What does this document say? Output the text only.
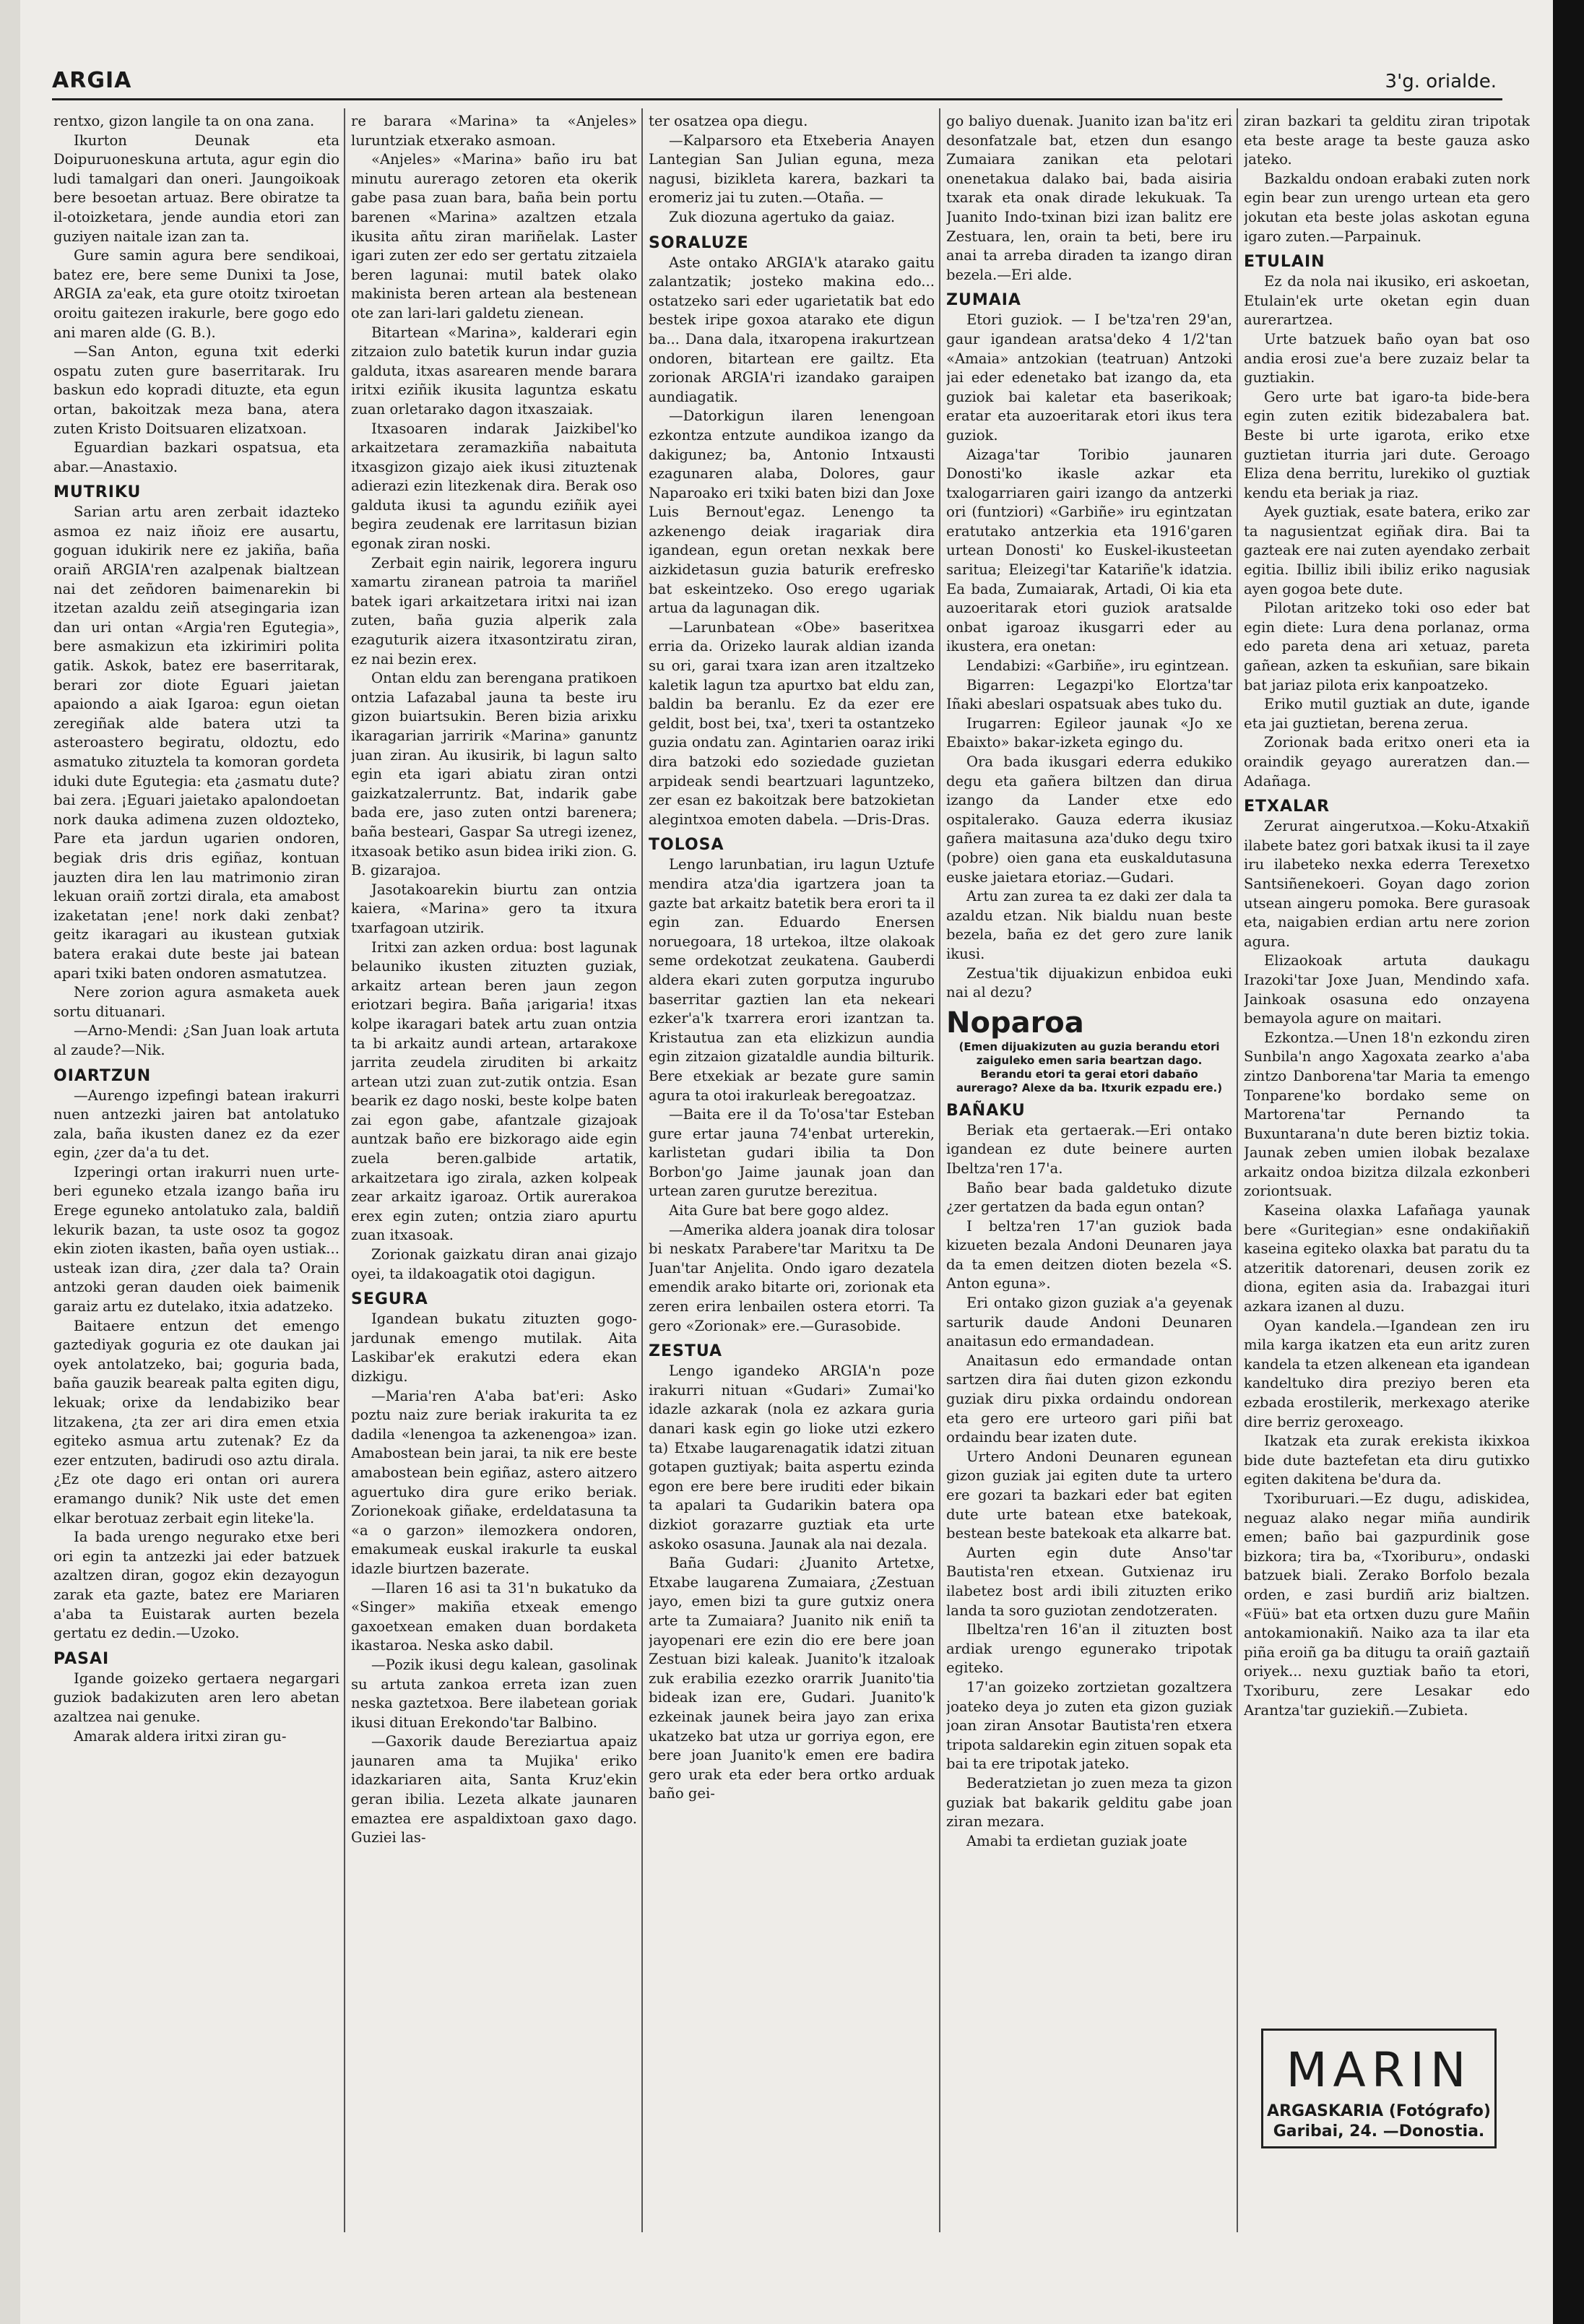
ARGIA	3'g. orialde.

rentxo, gizon langile ta on ona zana.

Ikurton Deunak eta Doipuruoneskuna artuta, agur egin dio ludi tamalgari dan oneri. Jaungoikoak bere besoetan artuaz. Bere obiratze ta il-otoizketara, jende aundia etori zan guziyen naitale izan zan ta.

Gure samin agura bere sendikoai, batez ere, bere seme Dunixi ta Jose, ARGIA za'eak, eta gure otoitz txiroetan oroitu gaitezen irakurle, bere gogo edo ani maren alde (G. B.).

—San Anton, eguna txit ederki ospatu zuten gure baserritarak. Iru baskun edo kopradi dituzte, eta egun ortan, bakoitzak meza bana, atera zuten Kristo Doitsuaren elizatxoan.

Eguardian bazkari ospatsua, eta abar.—Anastaxio.

MUTRIKU

Sarian artu aren zerbait idazteko asmoa ez naiz iñoiz ere ausartu, goguan idukirik nere ez jakiña, baña oraiñ ARGIA'ren azalpenak bialtzean nai det zeñdoren baimenarekin bi itzetan azaldu zeiñ atsegingaria izan dan uri ontan «Argia'ren Egutegia», bere asmakizun eta izkirimiri polita gatik. Askok, batez ere baserritarak, berari zor diote Eguari jaietan apaiondo a aiak Igaroa: egun oietan zeregiñak alde batera utzi ta asteroastero begiratu, oldoztu, edo asmatuko zituztela ta komoran gordeta iduki dute Egutegia: eta ¿asmatu dute? bai zera. ¡Eguari jaietako apalondoetan nork dauka adimena zuzen oldozteko, Pare eta jardun ugarien ondoren, begiak dris dris egiñaz, kontuan jauzten dira len lau matrimonio ziran lekuan oraiñ zortzi dirala, eta amabost izaketatan ¡ene! nork daki zenbat? geitz ikaragari au ikustean gutxiak batera erakai dute beste jai batean apari txiki baten ondoren asmatutzea.

Nere zorion agura asmaketa auek sortu dituanari.

—Arno-Mendi: ¿San Juan loak artuta al zaude?—Nik.

OIARTZUN

—Aurengo izpefingi batean irakurri nuen antzezki jairen bat antolatuko zala, baña ikusten danez ez da ezer egin, ¿zer da'a tu det.

Izperingi ortan irakurri nuen urte-beri eguneko etzala izango baña iru Erege eguneko antolatuko zala, baldiñ lekurik bazan, ta uste osoz ta gogoz ekin zioten ikasten, baña oyen ustiak... usteak izan dira, ¿zer dala ta? Orain antzoki geran dauden oiek baimenik garaiz artu ez dutelako, itxia adatzeko.

Baitaere entzun det emengo gaztediyak goguria ez ote daukan jai oyek antolatzeko, bai; goguria bada, baña gauzik beareak palta egiten digu, lekuak; orixe da lendabiziko bear litzakena, ¿ta zer ari dira emen etxia egiteko asmua artu zutenak? Ez da ezer entzuten, badirudi oso aztu dirala. ¿Ez ote dago eri ontan ori aurera eramango dunik? Nik uste det emen elkar berotuaz zerbait egin liteke'la.

Ia bada urengo negurako etxe beri ori egin ta antzezki jai eder batzuek azaltzen diran, gogoz ekin dezayogun zarak eta gazte, batez ere Mariaren a'aba ta Euistarak aurten bezela gertatu ez dedin.—Uzoko.

PASAI

Igande goizeko gertaera negargari guziok badakizuten aren lero abetan azaltzea nai genuke.

Amarak aldera iritxi ziran gu-

re barara «Marina» ta «Anjeles» luruntziak etxerako asmoan.

«Anjeles» «Marina» baño iru bat minutu aurerago zetoren eta okerik gabe pasa zuan bara, baña bein portu barenen «Marina» azaltzen etzala ikusita añtu ziran mariñelak. Laster igari zuten zer edo ser gertatu zitzaiela beren lagunai: mutil batek olako makinista beren artean ala bestenean ote zan lari-lari galdetu zienean.

Bitartean «Marina», kalderari egin zitzaion zulo batetik kurun indar guzia galduta, itxas asarearen mende barara iritxi eziñik ikusita laguntza eskatu zuan orletarako dagon itxaszaiak.

Itxasoaren indarak Jaizkibel'ko arkaitzetara zeramazkiña nabaituta itxasgizon gizajo aiek ikusi zituztenak adierazi ezin litezkenak dira. Berak oso galduta ikusi ta agundu eziñik ayei begira zeudenak ere larritasun bizian egonak ziran noski.

Zerbait egin nairik, legorera inguru xamartu ziranean patroia ta mariñel batek igari arkaitzetara iritxi nai izan zuten, baña guzia alperik zala ezaguturik aizera itxasontziratu ziran, ez nai bezin erex.

Ontan eldu zan berengana pratikoen ontzia Lafazabal jauna ta beste iru gizon buiartsukin. Beren bizia arixku ikaragarian jarririk «Marina» ganuntz juan ziran. Au ikusirik, bi lagun salto egin eta igari abiatu ziran ontzi gaizkatzalerruntz. Bat, indarik gabe bada ere, jaso zuten ontzi barenera; baña besteari, Gaspar Sa utregi izenez, itxasoak betiko asun bidea iriki zion. G. B. gizarajoa.

Jasotakoarekin biurtu zan ontzia kaiera, «Marina» gero ta itxura txarfagoan utzirik.

Iritxi zan azken ordua: bost lagunak belauniko ikusten zituzten guziak, arkaitz artean beren jaun zegon eriotzari begira. Baña ¡arigaria! itxas kolpe ikaragari batek artu zuan ontzia ta bi arkaitz aundi artean, artarakoxe jarrita zeudela ziruditen bi arkaitz artean utzi zuan zut-zutik ontzia. Esan bearik ez dago noski, beste kolpe baten zai egon gabe, afantzale gizajoak auntzak baño ere bizkorago aide egin zuela beren.galbide artatik, arkaitzetara igo zirala, azken kolpeak zear arkaitz igaroaz. Ortik aurerakoa erex egin zuten; ontzia ziaro apurtu zuan itxasoak.

Zorionak gaizkatu diran anai gizajo oyei, ta ildakoagatik otoi dagigun.

SEGURA

Igandean bukatu zituzten gogo-jardunak emengo mutilak. Aita Laskibar'ek erakutzi edera ekan dizkigu.

—Maria'ren A'aba bat'eri: Asko poztu naiz zure beriak irakurita ta ez dadila «lenengoa ta azkenengoa» izan. Amabostean bein jarai, ta nik ere beste amabostean bein egiñaz, astero aitzero aguertuko dira gure eriko beriak. Zorionekoak giñake, erdeldatasuna ta «a o garzon» ilemozkera ondoren, emakumeak euskal irakurle ta euskal idazle biurtzen bazerate.

—Ilaren 16 asi ta 31'n bukatuko da «Singer» makiña etxeak emengo gaxoetxean emaken duan bordaketa ikastaroa. Neska asko dabil.

—Pozik ikusi degu kalean, gasolinak su artuta zankoa erreta izan zuen neska gaztetxoa. Bere ilabetean goriak ikusi dituan Erekondo'tar Balbino.

—Gaxorik daude Bereziartua apaiz jaunaren ama ta Mujika' eriko idazkariaren aita, Santa Kruz'ekin geran ibilia. Lezeta alkate jaunaren emaztea ere aspaldixtoan gaxo dago. Guziei las-

ter osatzea opa diegu.

—Kalparsoro eta Etxeberia Anayen Lantegian San Julian eguna, meza nagusi, bizikleta karera, bazkari ta eromeriz jai tu zuten.—Otaña. —

Zuk diozuna agertuko da gaiaz.

SORALUZE

Aste ontako ARGIA'k atarako gaitu zalantzatik; josteko makina edo... ostatzeko sari eder ugarietatik bat edo bestek iripe goxoa atarako ete digun ba... Dana dala, itxaropena irakurtzean ondoren, bitartean ere gailtz. Eta zorionak ARGIA'ri izandako garaipen aundiagatik.

—Datorkigun ilaren lenengoan ezkontza entzute aundikoa izango da dakigunez; ba, Antonio Intxausti ezagunaren alaba, Dolores, gaur Naparoako eri txiki baten bizi dan Joxe Luis Bernout'egaz. Lenengo ta azkenengo deiak iragariak dira igandean, egun oretan nexkak bere aizkidetasun guzia baturik erefresko bat eskeintzeko. Oso erego ugariak artua da lagunagan dik.

—Larunbatean «Obe» baseritxea erria da. Orizeko laurak aldian izanda su ori, garai txara izan aren itzaltzeko kaletik lagun tza apurtxo bat eldu zan, baldin ba beranlu. Ez da ezer ere geldit, bost bei, txa', txeri ta ostantzeko guzia ondatu zan. Agintarien oaraz iriki dira batzoki edo soziedade guzietan arpideak sendi beartzuari laguntzeko, zer esan ez bakoitzak bere batzokietan alegintxoa emoten dabela. —Dris-Dras.

TOLOSA

Lengo larunbatian, iru lagun Uztufe mendira atza'dia igartzera joan ta gazte bat arkaitz batetik bera erori ta il egin zan. Eduardo Enersen noruegoara, 18 urtekoa, iltze olakoak seme ordekotzat zeukatena. Gauberdi aldera ekari zuten gorputza ingurubo baserritar gaztien lan eta nekeari ezker'a'k txarrera erori izantzan ta. Kristautua zan eta elizkizun aundia egin zitzaion gizataldle aundia bilturik. Bere etxekiak ar bezate gure samin agura ta otoi irakurleak beregoatzaz.

—Baita ere il da To'osa'tar Esteban gure ertar jauna 74'enbat urterekin, karlistetan gudari ibilia ta Don Borbon'go Jaime jaunak joan dan urtean zaren gurutze berezitua.

Aita Gure bat bere gogo aldez.

—Amerika aldera joanak dira tolosar bi neskatx Parabere'tar Maritxu ta De Juan'tar Anjelita. Ondo igaro dezatela emendik arako bitarte ori, zorionak eta zeren erira lenbailen ostera etorri. Ta gero «Zorionak» ere.—Gurasobide.

ZESTUA

Lengo igandeko ARGIA'n poze irakurri nituan «Gudari» Zumai'ko idazle azkarak (nola ez azkara guria danari kask egin go lioke utzi ezkero ta) Etxabe laugarenagatik idatzi zituan gotapen guztiyak; baita aspertu ezinda egon ere bere bere iruditi eder bikain ta apalari ta Gudarikin batera opa dizkiot gorazarre guztiak eta urte askoko osasuna. Jaunak ala nai dezala.

Baña Gudari: ¿Juanito Artetxe, Etxabe laugarena Zumaiara, ¿Zestuan jayo, emen bizi ta gure gutxiz onera arte ta Zumaiara? Juanito nik eniñ ta jayopenari ere ezin dio ere bere joan Zestuan bizi kaleak. Juanito'k itzaloak zuk erabilia ezezko orarrik Juanito'tia bideak izan ere, Gudari. Juanito'k ezkeinak jaunek beira jayo zan erixa ukatzeko bat utza ur gorriya egon, ere bere joan Juanito'k emen ere badira gero urak eta eder bera ortko arduak baño gei-

go baliyo duenak. Juanito izan ba'itz eri desonfatzale bat, etzen dun esango Zumaiara zanikan eta pelotari onenetakua dalako bai, bada aisiria txarak eta onak dirade lekukuak. Ta Juanito Indo-txinan bizi izan balitz ere Zestuara, len, orain ta beti, bere iru anai ta arreba diraden ta izango diran bezela.—Eri alde.

ZUMAIA

Etori guziok. — I be'tza'ren 29'an, gaur igandean aratsa'deko 4 1/2'tan «Amaia» antzokian (teatruan) Antzoki jai eder edenetako bat izango da, eta guziok bai kaletar eta baserikoak; eratar eta auzoeritarak etori ikus tera guziok.

Aizaga'tar Toribio jaunaren Donosti'ko ikasle azkar eta txalogarriaren gairi izango da antzerki ori (funtziori) «Garbiñe» iru egintzatan eratutako antzerkia eta 1916'garen urtean Donosti' ko Euskel-ikusteetan saritua; Eleizegi'tar Katariñe'k idatzia. Ea bada, Zumaiarak, Artadi, Oi kia eta auzoeritarak etori guziok aratsalde onbat igaroaz ikusgarri eder au ikustera, era onetan:

Lendabizi: «Garbiñe», iru egintzean.

Bigarren: Legazpi'ko Elortza'tar Iñaki abeslari ospatsuak abes tuko du.

Irugarren: Egileor jaunak «Jo xe Ebaixto» bakar-izketa egingo du.

Ora bada ikusgari ederra edukiko degu eta gañera biltzen dan dirua izango da Lander etxe edo ospitalerako. Gauza ederra ikusiaz gañera maitasuna aza'duko degu txiro (pobre) oien gana eta euskaldutasuna euske jaietara etoriaz.—Gudari.

Artu zan zurea ta ez daki zer dala ta azaldu etzan. Nik bialdu nuan beste bezela, baña ez det gero zure lanik ikusi.

Zestua'tik dijuakizun enbidoa euki nai al dezu?

Noparoa
(Emen dijuakizuten au guzia berandu etori zaiguleko emen saria beartzan dago. Berandu etori ta gerai etori dabaño aurerago? Alexe da ba. Itxurik ezpadu ere.)
BAÑAKU

Beriak eta gertaerak.—Eri ontako igandean ez dute beinere aurten Ibeltza'ren 17'a.

Baño bear bada galdetuko dizute ¿zer gertatzen da bada egun ontan?

I beltza'ren 17'an guziok bada kizueten bezala Andoni Deunaren jaya da ta emen deitzen dioten bezela «S. Anton eguna».

Eri ontako gizon guziak a'a geyenak sarturik daude Andoni Deunaren anaitasun edo ermandadean.

Anaitasun edo ermandade ontan sartzen dira ñai duten gizon ezkondu guziak diru pixka ordaindu ondorean eta gero ere urteoro gari piñi bat ordaindu bear izaten dute.

Urtero Andoni Deunaren egunean gizon guziak jai egiten dute ta urtero ere gozari ta bazkari eder bat egiten dute urte batean etxe batekoak, bestean beste batekoak eta alkarre bat.

Aurten egin dute Anso'tar Bautista'ren etxean. Gutxienaz iru ilabetez bost ardi ibili zituzten eriko landa ta soro guziotan zendotzeraten.

Ilbeltza'ren 16'an il zituzten bost ardiak urengo egunerako tripotak egiteko.

17'an goizeko zortzietan gozaltzera joateko deya jo zuten eta gizon guziak joan ziran Ansotar Bautista'ren etxera tripota saldarekin egin zituen sopak eta bai ta ere tripotak jateko.

Bederatzietan jo zuen meza ta gizon guziak bat bakarik gelditu gabe joan ziran mezara.

Amabi ta erdietan guziak joate

ziran bazkari ta gelditu ziran tripotak eta beste arage ta beste gauza asko jateko.

Bazkaldu ondoan erabaki zuten nork egin bear zun urengo urtean eta gero jokutan eta beste jolas askotan eguna igaro zuten.—Parpainuk.

ETULAIN

Ez da nola nai ikusiko, eri askoetan, Etulain'ek urte oketan egin duan aurerartzea.

Urte batzuek baño oyan bat oso andia erosi zue'a bere zuzaiz belar ta guztiakin.

Gero urte bat igaro-ta bide-bera egin zuten ezitik bidezabalera bat. Beste bi urte igarota, eriko etxe guztietan iturria jari dute. Geroago Eliza dena berritu, lurekiko ol guztiak kendu eta beriak ja riaz.

Ayek guztiak, esate batera, eriko zar ta nagusientzat egiñak dira. Bai ta gazteak ere nai zuten ayendako zerbait egitia. Ibilliz ibili ibiliz eriko nagusiak ayen gogoa bete dute.

Pilotan aritzeko toki oso eder bat egin diete: Lura dena porlanaz, orma edo pareta dena ari xetuaz, pareta gañean, azken ta eskuñian, sare bikain bat jariaz pilota erix kanpoatzeko.

Eriko mutil guztiak an dute, igande eta jai guztietan, berena zerua.

Zorionak bada eritxo oneri eta ia oraindik geyago aureratzen dan.—Adañaga.

ETXALAR

Zerurat aingerutxoa.—Koku-Atxakiñ ilabete batez gori batxak ikusi ta il zaye iru ilabeteko nexka ederra Terexetxo Santsiñenekoeri. Goyan dago zorion utsean aingeru pomoka. Bere gurasoak eta, naigabien erdian artu nere zorion agura.

Elizaokoak artuta daukagu Irazoki'tar Joxe Juan, Mendindo xafa. Jainkoak osasuna edo onzayena bemayola agure on maitari.

Ezkontza.—Unen 18'n ezkondu ziren Sunbila'n ango Xagoxata zearko a'aba zintzo Danborena'tar Maria ta emengo Tonparene'ko bordako seme on Martorena'tar Pernando ta Buxuntarana'n dute beren biztiz tokia. Jaunak zeben umien ilobak bezalaxe arkaitz ondoa bizitza dilzala ezkonberi zoriontsuak.

Kaseina olaxka Lafañaga yaunak bere «Guritegian» esne ondakiñakiñ kaseina egiteko olaxka bat paratu du ta atzeritik datorenari, deusen zorik ez diona, egiten asia da. Irabazgai ituri azkara izanen al duzu.

Oyan kandela.—Igandean zen iru mila karga ikatzen eta eun aritz zuren kandela ta etzen alkenean eta igandean kandeltuko dira preziyo beren eta ezbada erostilerik, merkexago aterike dire berriz geroxeago.

Ikatzak eta zurak erekista ikixkoa bide dute baztefetan eta diru gutixko egiten dakitena be'dura da.

Txoriburuari.—Ez dugu, adiskidea, neguaz alako negar miña aundirik emen; baño bai gazpurdinik gose bizkora; tira ba, «Txoriburu», ondaski batzuek biali. Zerako Borfolo bezala orden, e zasi burdiñ ariz bialtzen. «Füü» bat eta ortxen duzu gure Mañin antokamionakiñ. Naiko aza ta ilar eta piña eroiñ ga ba ditugu ta oraiñ gaztaiñ oriyek... nexu guztiak baño ta etori, Txoriburu, zere Lesakar edo Arantza'tar guziekiñ.—Zubieta.

MARIN
ARGASKARIA (Fotógrafo)
Garibai, 24. —Donostia.
